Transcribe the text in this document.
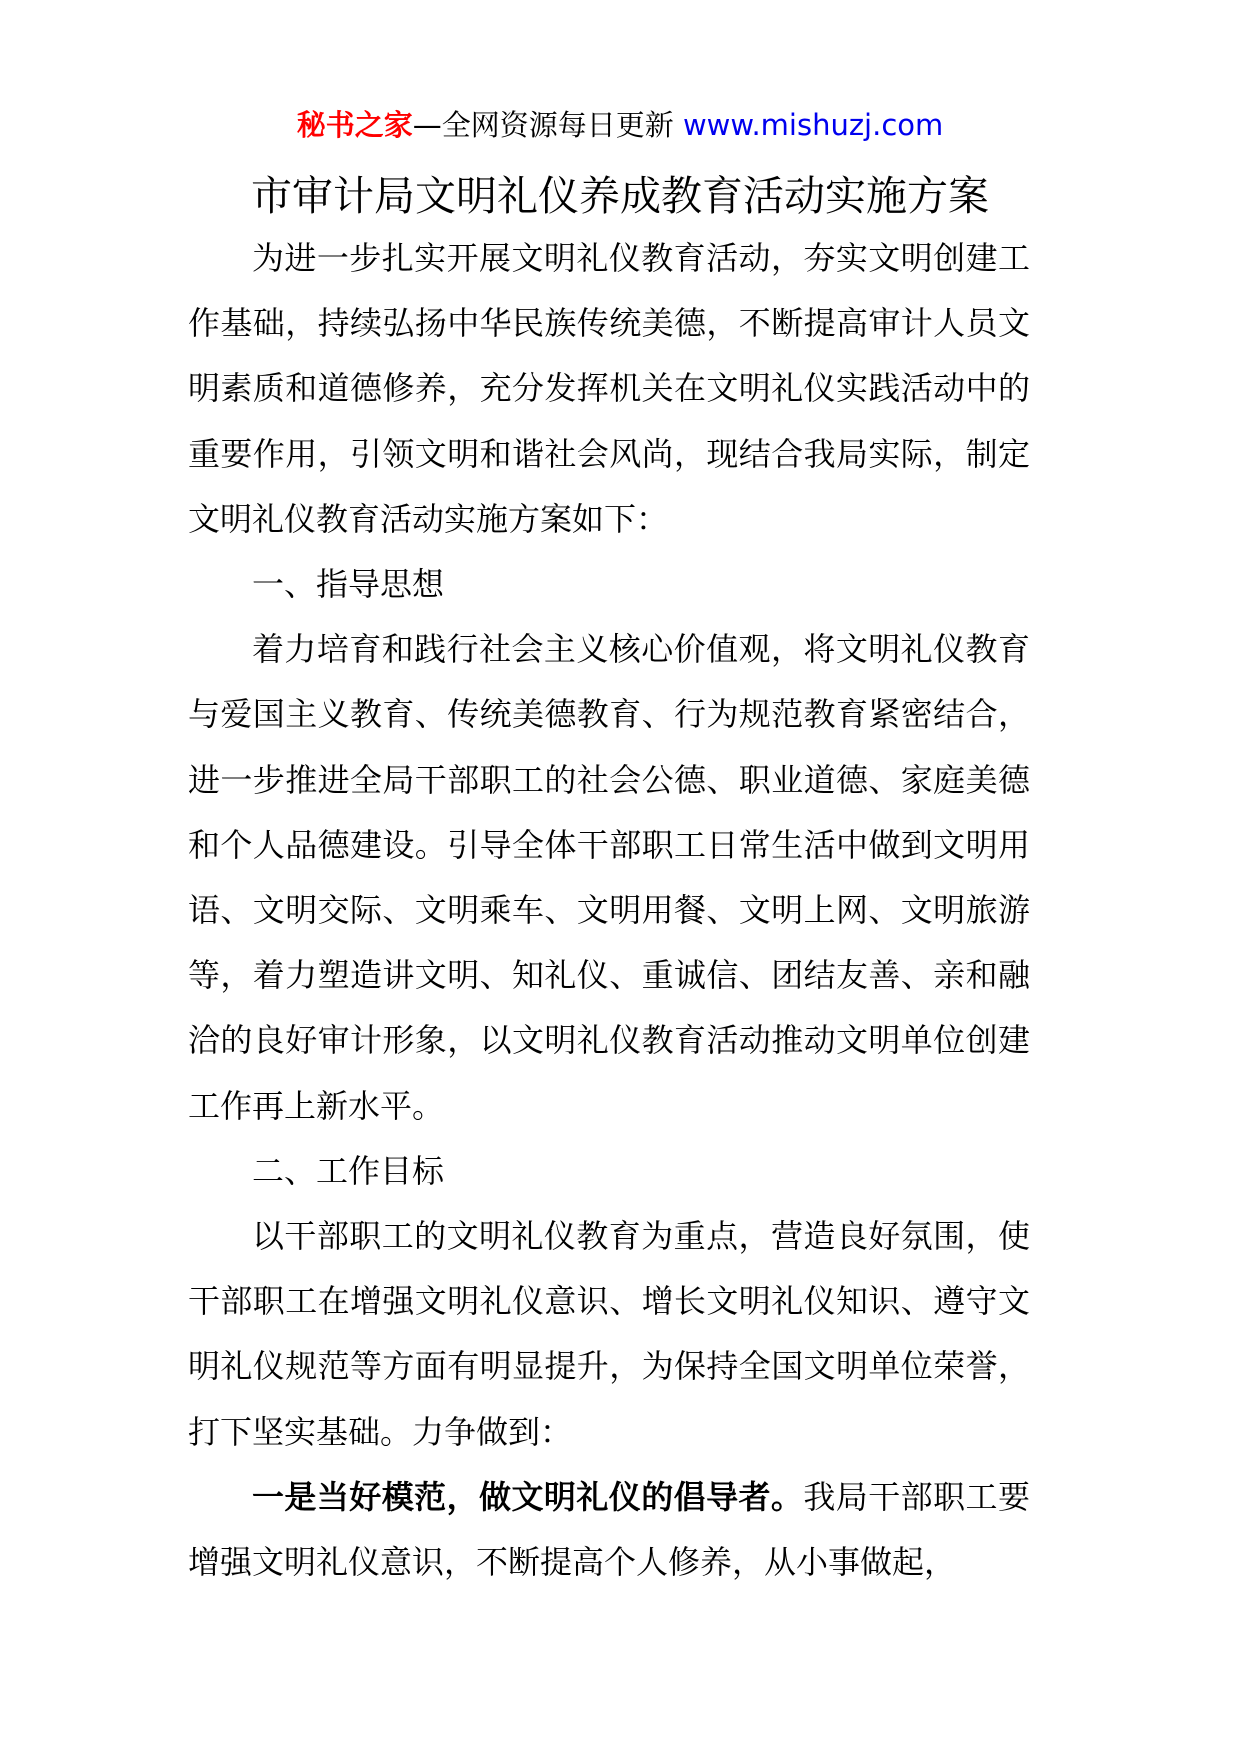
秘书之家—全网资源每日更新 www.mishuzj.com
市审计局文明礼仪养成教育活动实施方案

为进一步扎实开展文明礼仪教育活动，夯实文明创建工作基础，持续弘扬中华民族传统美德，不断提高审计人员文明素质和道德修养，充分发挥机关在文明礼仪实践活动中的重要作用，引领文明和谐社会风尚，现结合我局实际，制定文明礼仪教育活动实施方案如下：

一、指导思想

着力培育和践行社会主义核心价值观，将文明礼仪教育与爱国主义教育、传统美德教育、行为规范教育紧密结合，进一步推进全局干部职工的社会公德、职业道德、家庭美德和个人品德建设。引导全体干部职工日常生活中做到文明用语、文明交际、文明乘车、文明用餐、文明上网、文明旅游等，着力塑造讲文明、知礼仪、重诚信、团结友善、亲和融洽的良好审计形象，以文明礼仪教育活动推动文明单位创建工作再上新水平。

二、工作目标

以干部职工的文明礼仪教育为重点，营造良好氛围，使干部职工在增强文明礼仪意识、增长文明礼仪知识、遵守文明礼仪规范等方面有明显提升，为保持全国文明单位荣誉，打下坚实基础。力争做到：

一是当好模范，做文明礼仪的倡导者。我局干部职工要增强文明礼仪意识，不断提高个人修养，从小事做起，
